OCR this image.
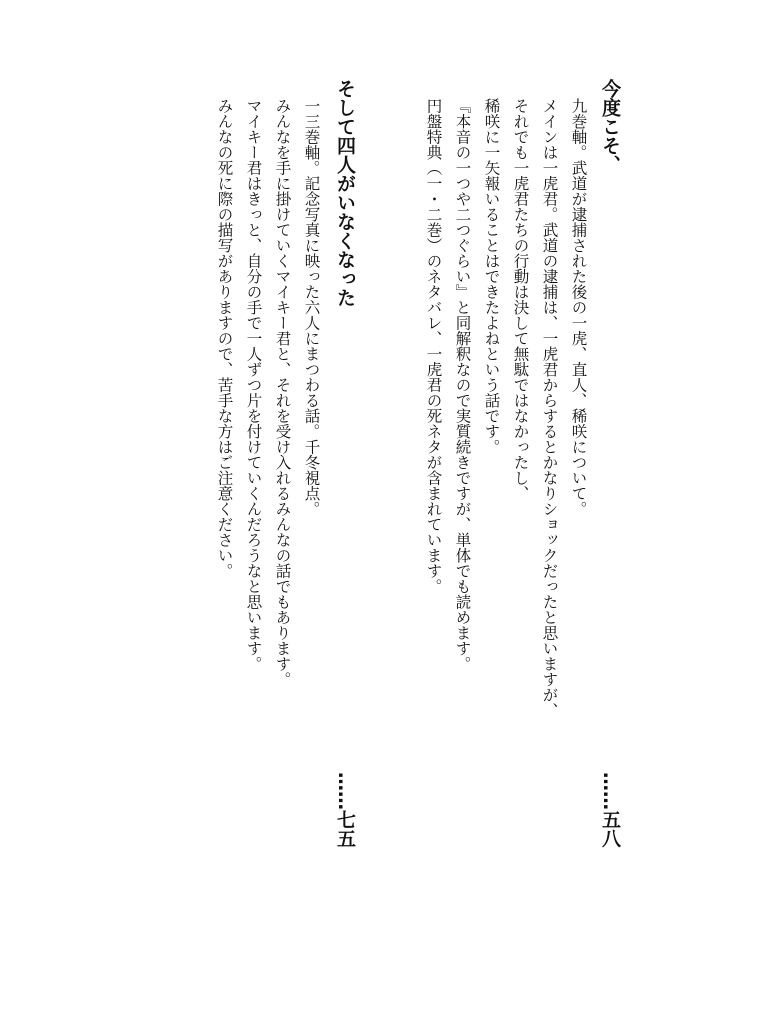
今度こそ、
……五八
九巻軸。武道が逮捕された後の一虎、直人、稀咲について。
メインは一虎君。武道の逮捕は、一虎君からするとかなりショックだったと思いますが、
それでも一虎君たちの行動は決して無駄ではなかったし、
稀咲に一矢報いることはできたよねという話です。
『本音の一つや二つぐらい』と同解釈なので実質続きですが、単体でも読めます。
円盤特典（一・二巻）のネタバレ、一虎君の死ネタが含まれています。
そして四人がいなくなった
……七五
一三巻軸。記念写真に映った六人にまつわる話。千冬視点。
みんなを手に掛けていくマイキー君と、それを受け入れるみんなの話でもあります。
マイキー君はきっと、自分の手で一人ずつ片を付けていくんだろうなと思います。
みんなの死に際の描写がありますので、苦手な方はご注意ください。
